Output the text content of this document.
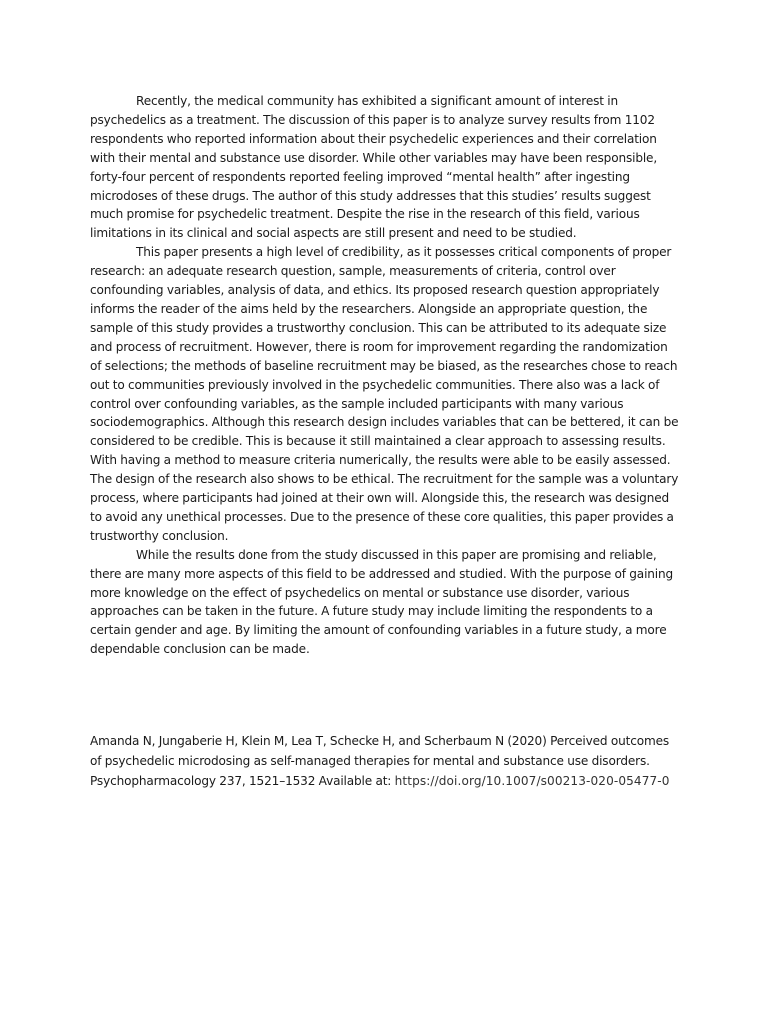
Recently, the medical community has exhibited a significant amount of interest in psychedelics as a treatment. The discussion of this paper is to analyze survey results from 1102 respondents who reported information about their psychedelic experiences and their correlation with their mental and substance use disorder. While other variables may have been responsible, forty-four percent of respondents reported feeling improved “mental health” after ingesting microdoses of these drugs. The author of this study addresses that this studies’ results suggest much promise for psychedelic treatment. Despite the rise in the research of this field, various limitations in its clinical and social aspects are still present and need to be studied.

This paper presents a high level of credibility, as it possesses critical components of proper research: an adequate research question, sample, measurements of criteria, control over confounding variables, analysis of data, and ethics. Its proposed research question appropriately informs the reader of the aims held by the researchers. Alongside an appropriate question, the sample of this study provides a trustworthy conclusion. This can be attributed to its adequate size and process of recruitment. However, there is room for improvement regarding the randomization of selections; the methods of baseline recruitment may be biased, as the researches chose to reach out to communities previously involved in the psychedelic communities. There also was a lack of control over confounding variables, as the sample included participants with many various sociodemographics. Although this research design includes variables that can be bettered, it can be considered to be credible. This is because it still maintained a clear approach to assessing results. With having a method to measure criteria numerically, the results were able to be easily assessed. The design of the research also shows to be ethical. The recruitment for the sample was a voluntary process, where participants had joined at their own will. Alongside this, the research was designed to avoid any unethical processes. Due to the presence of these core qualities, this paper provides a trustworthy conclusion.

While the results done from the study discussed in this paper are promising and reliable, there are many more aspects of this field to be addressed and studied. With the purpose of gaining more knowledge on the effect of psychedelics on mental or substance use disorder, various approaches can be taken in the future. A future study may include limiting the respondents to a certain gender and age. By limiting the amount of confounding variables in a future study, a more dependable conclusion can be made.

Amanda N, Jungaberie H, Klein M, Lea T, Schecke H, and Scherbaum N (2020) Perceived outcomes of psychedelic microdosing as self-managed therapies for mental and substance use disorders. Psychopharmacology 237, 1521–1532 Available at: https://doi.org/10.1007/s00213-020-05477-0
